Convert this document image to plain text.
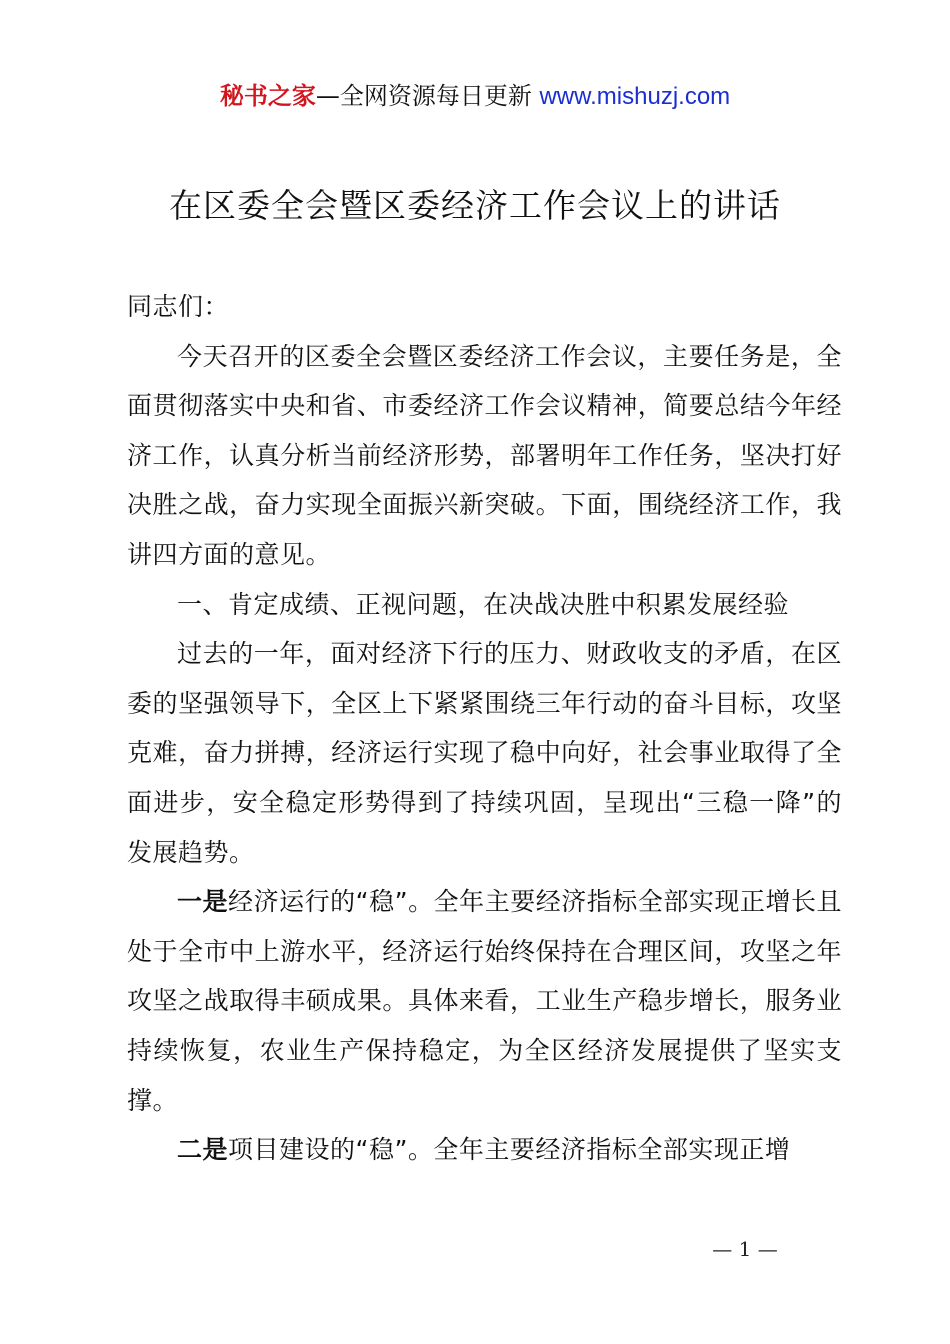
秘书之家—全网资源每日更新 www.mishuzj.com
在区委全会暨区委经济工作会议上的讲话

同志们：

今天召开的区委全会暨区委经济工作会议，主要任务是，全面贯彻落实中央和省、市委经济工作会议精神，简要总结今年经济工作，认真分析当前经济形势，部署明年工作任务，坚决打好决胜之战，奋力实现全面振兴新突破。下面，围绕经济工作，我讲四方面的意见。

一、肯定成绩、正视问题，在决战决胜中积累发展经验

过去的一年，面对经济下行的压力、财政收支的矛盾，在区委的坚强领导下，全区上下紧紧围绕三年行动的奋斗目标，攻坚克难，奋力拼搏，经济运行实现了稳中向好，社会事业取得了全面进步，安全稳定形势得到了持续巩固，呈现出“三稳一降”的发展趋势。

一是经济运行的“稳”。全年主要经济指标全部实现正增长且处于全市中上游水平，经济运行始终保持在合理区间，攻坚之年攻坚之战取得丰硕成果。具体来看，工业生产稳步增长，服务业持续恢复，农业生产保持稳定，为全区经济发展提供了坚实支撑。

二是项目建设的“稳”。全年主要经济指标全部实现正增

— 1 —
